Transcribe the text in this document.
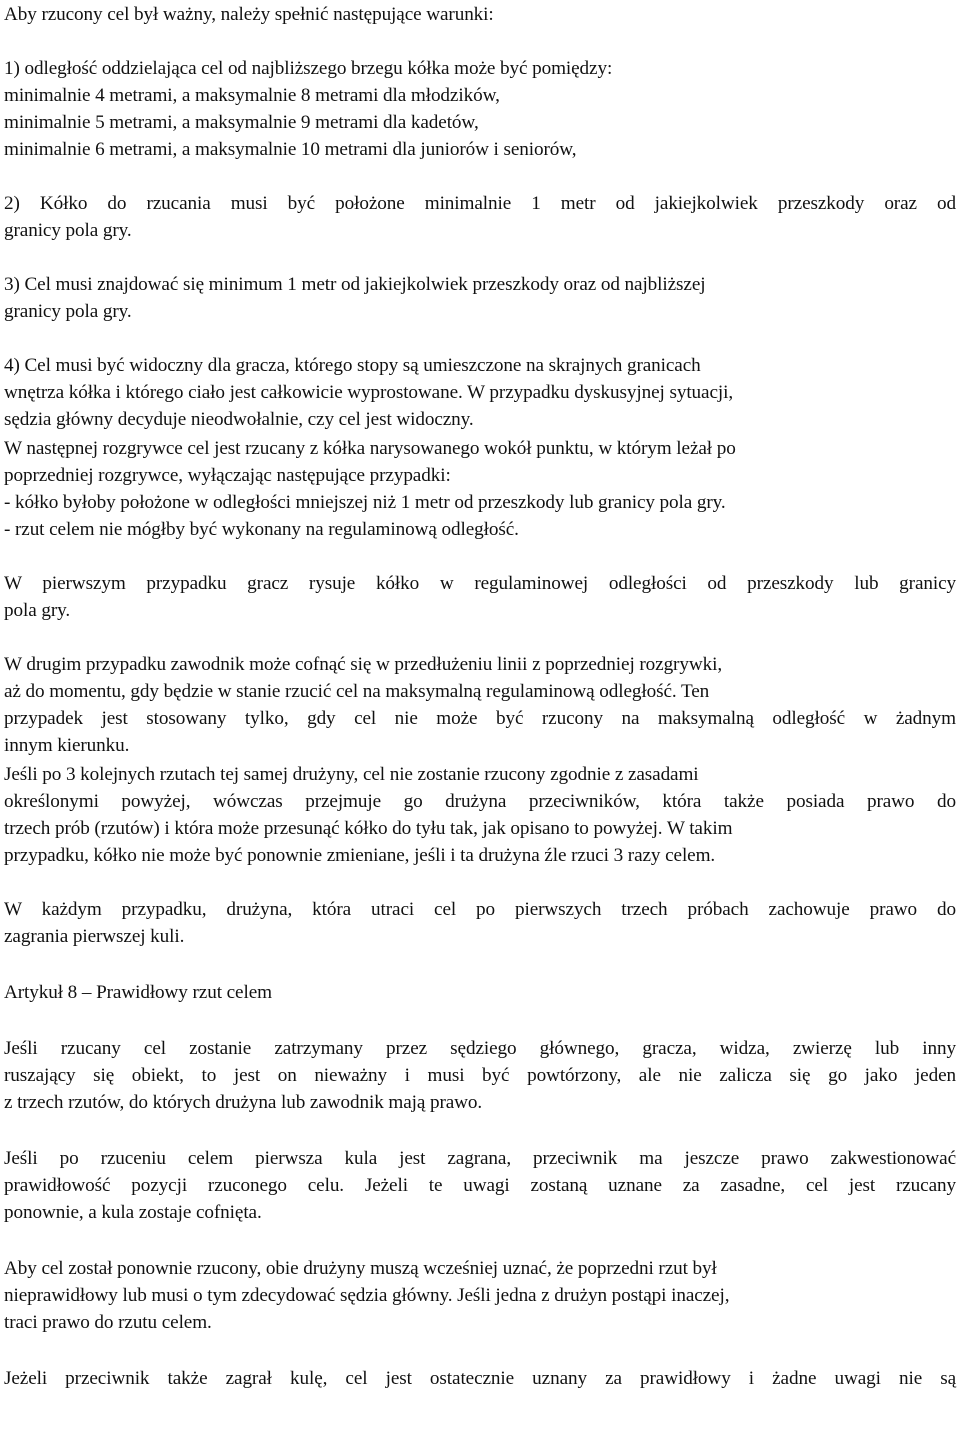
Aby rzucony cel był ważny, należy spełnić następujące warunki:
1) odległość oddzielająca cel od najbliższego brzegu kółka może być pomiędzy:
minimalnie 4 metrami, a maksymalnie 8 metrami dla młodzików,
minimalnie 5 metrami, a maksymalnie 9 metrami dla kadetów,
minimalnie 6 metrami, a maksymalnie 10 metrami dla juniorów i seniorów,
2) Kółko do rzucania musi być położone minimalnie 1 metr od jakiejkolwiek przeszkody oraz od
granicy pola gry.
3) Cel musi znajdować się minimum 1 metr od jakiejkolwiek przeszkody oraz od najbliższej
granicy pola gry.
4) Cel musi być widoczny dla gracza, którego stopy są umieszczone na skrajnych granicach
wnętrza kółka i którego ciało jest całkowicie wyprostowane. W przypadku dyskusyjnej sytuacji,
sędzia główny decyduje nieodwołalnie, czy cel jest widoczny.
W następnej rozgrywce cel jest rzucany z kółka narysowanego wokół punktu, w którym leżał po
poprzedniej rozgrywce, wyłączając następujące przypadki:
- kółko byłoby położone w odległości mniejszej niż 1 metr od przeszkody lub granicy pola gry.
- rzut celem nie mógłby być wykonany na regulaminową odległość.
W pierwszym przypadku gracz rysuje kółko w regulaminowej odległości od przeszkody lub granicy
pola gry.
W drugim przypadku zawodnik może cofnąć się w przedłużeniu linii z poprzedniej rozgrywki,
aż do momentu, gdy będzie w stanie rzucić cel na maksymalną regulaminową odległość. Ten
przypadek jest stosowany tylko, gdy cel nie może być rzucony na maksymalną odległość w żadnym
innym kierunku.
Jeśli po 3 kolejnych rzutach tej samej drużyny, cel nie zostanie rzucony zgodnie z zasadami
określonymi powyżej, wówczas przejmuje go drużyna przeciwników, która także posiada prawo do
trzech prób (rzutów) i która może przesunąć kółko do tyłu tak, jak opisano to powyżej. W takim
przypadku, kółko nie może być ponownie zmieniane, jeśli i ta drużyna źle rzuci 3 razy celem.
W każdym przypadku, drużyna, która utraci cel po pierwszych trzech próbach zachowuje prawo do
zagrania pierwszej kuli.
Artykuł 8 – Prawidłowy rzut celem
Jeśli rzucany cel zostanie zatrzymany przez sędziego głównego, gracza, widza, zwierzę lub inny
ruszający się obiekt, to jest on nieważny i musi być powtórzony, ale nie zalicza się go jako jeden
z trzech rzutów, do których drużyna lub zawodnik mają prawo.
Jeśli po rzuceniu celem pierwsza kula jest zagrana, przeciwnik ma jeszcze prawo zakwestionować
prawidłowość pozycji rzuconego celu. Jeżeli te uwagi zostaną uznane za zasadne, cel jest rzucany
ponownie, a kula zostaje cofnięta.
Aby cel został ponownie rzucony, obie drużyny muszą wcześniej uznać, że poprzedni rzut był
nieprawidłowy lub musi o tym zdecydować sędzia główny. Jeśli jedna z drużyn postąpi inaczej,
traci prawo do rzutu celem.
Jeżeli przeciwnik także zagrał kulę, cel jest ostatecznie uznany za prawidłowy i żadne uwagi nie są
